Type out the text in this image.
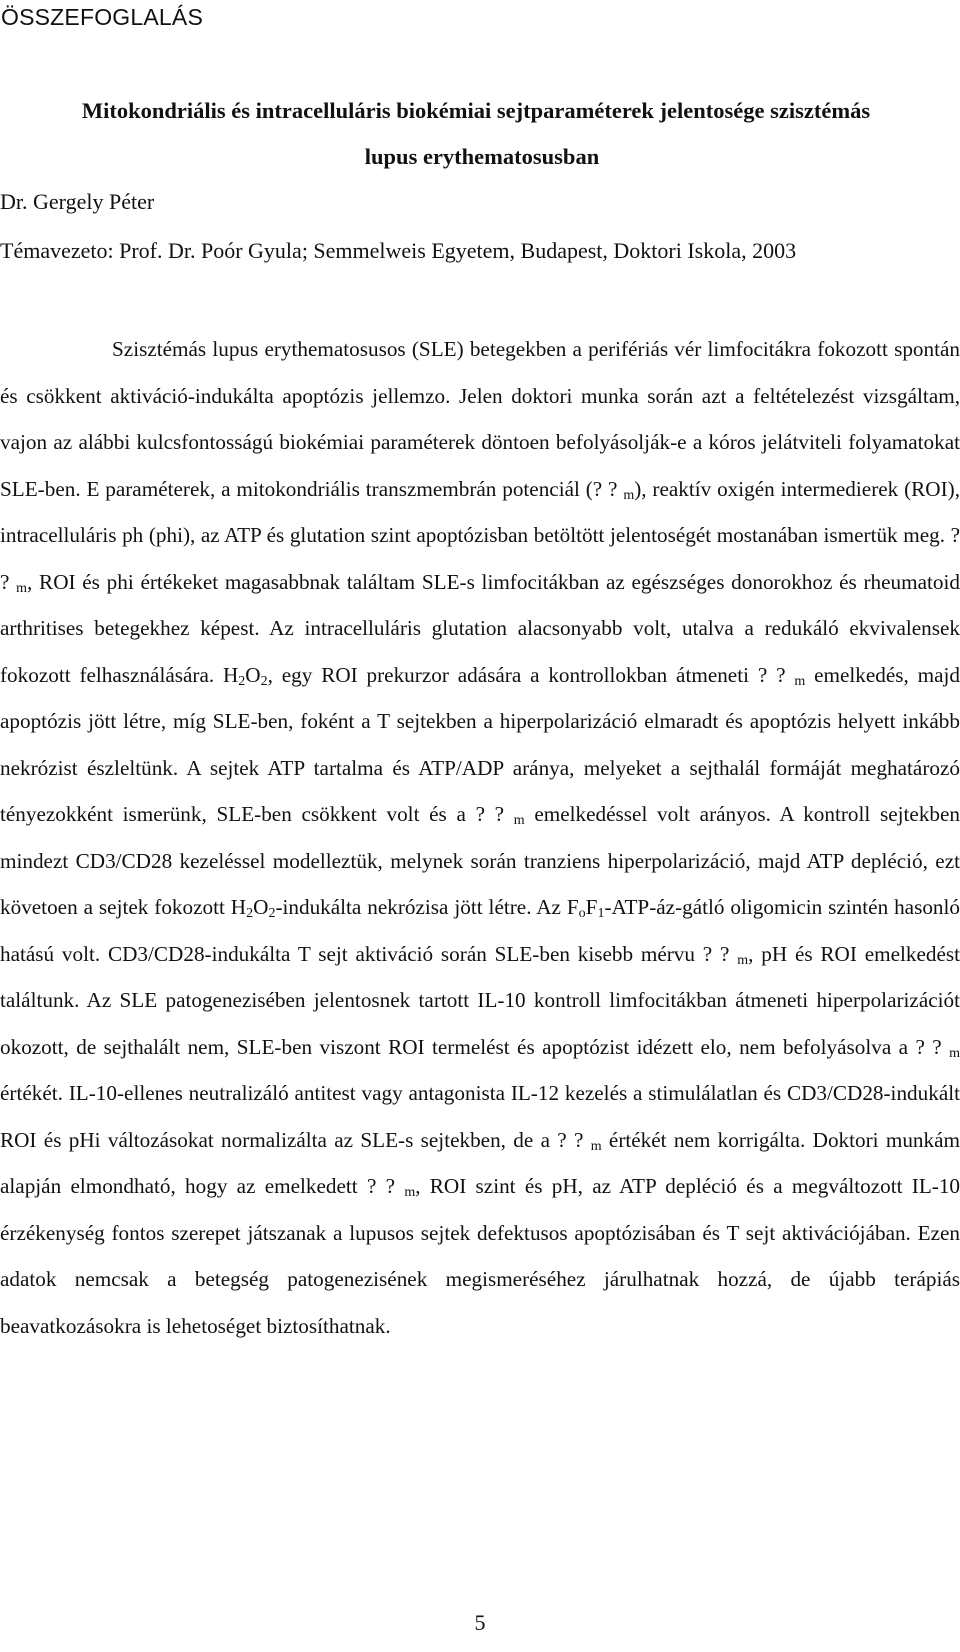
ÖSSZEFOGLALÁS
Mitokondriális és intracelluláris biokémiai sejtparaméterek jelentosége szisztémás
lupus erythematosusban

Dr. Gergely Péter

Témavezeto: Prof. Dr. Poór Gyula; Semmelweis Egyetem, Budapest, Doktori Iskola, 2003

Szisztémás lupus erythematosusos (SLE) betegekben a perifériás vér limfocitákra fokozott spontán és csökkent aktiváció-indukálta apoptózis jellemzo. Jelen doktori munka során azt a feltételezést vizsgáltam, vajon az alábbi kulcsfontosságú biokémiai paraméterek döntoen befolyásolják-e a kóros jelátviteli folyamatokat SLE-ben. E paraméterek, a mitokondriális transzmembrán potenciál (? ? $_m$), reaktív oxigén intermedierek (ROI), intracelluláris ph (phi), az ATP és glutation szint apoptózisban betöltött jelentoségét mostanában ismertük meg. ? ? $_m$, ROI és phi értékeket magasabbnak találtam SLE-s limfocitákban az egészséges donorokhoz és rheumatoid arthritises betegekhez képest. Az intracelluláris glutation alacsonyabb volt, utalva a redukáló ekvivalensek fokozott felhasználására. $H_2O_2$, egy ROI prekurzor adására a kontrollokban átmeneti ? ? $_m$ emelkedés, majd apoptózis jött létre, míg SLE-ben, foként a T sejtekben a hiperpolarizáció elmaradt és apoptózis helyett inkább nekrózist észleltünk. A sejtek ATP tartalma és ATP/ADP aránya, melyeket a sejthalál formáját meghatározó tényezokként ismerünk, SLE-ben csökkent volt és a ? ? $_m$ emelkedéssel volt arányos. A kontroll sejtekben mindezt CD3/CD28 kezeléssel modelleztük, melynek során tranziens hiperpolarizáció, majd ATP depléció, ezt követoen a sejtek fokozott $H_2O_2$-indukálta nekrózisa jött létre. Az $F_oF_1-ATP-áz$-gátló oligomicin szintén hasonló hatású volt. CD3/CD28-indukálta T sejt aktiváció során SLE-ben kisebb mérvu ? ? $_m$, pH és ROI emelkedést találtunk. Az SLE patogenezisében jelentosnek tartott IL-10 kontroll limfocitákban átmeneti hiperpolarizációt okozott, de sejthalált nem, SLE-ben viszont ROI termelést és apoptózist idézett elo, nem befolyásolva a ? ? $_m$ értékét. IL-10-ellenes neutralizáló antitest vagy antagonista IL-12 kezelés a stimulálatlan és CD3/CD28-indukált ROI és pHi változásokat normalizálta az SLE-s sejtekben, de a ? ? $_m$ értékét nem korrigálta. Doktori munkám alapján elmondható, hogy az emelkedett ? ? $_m$, ROI szint és pH, az ATP depléció és a megváltozott IL-10 érzékenység fontos szerepet játszanak a lupusos sejtek defektusos apoptózisában és T sejt aktivációjában. Ezen adatok nemcsak a betegség patogenezisének megismeréséhez járulhatnak hozzá, de újabb terápiás beavatkozásokra is lehetoséget biztosíthatnak.

5
